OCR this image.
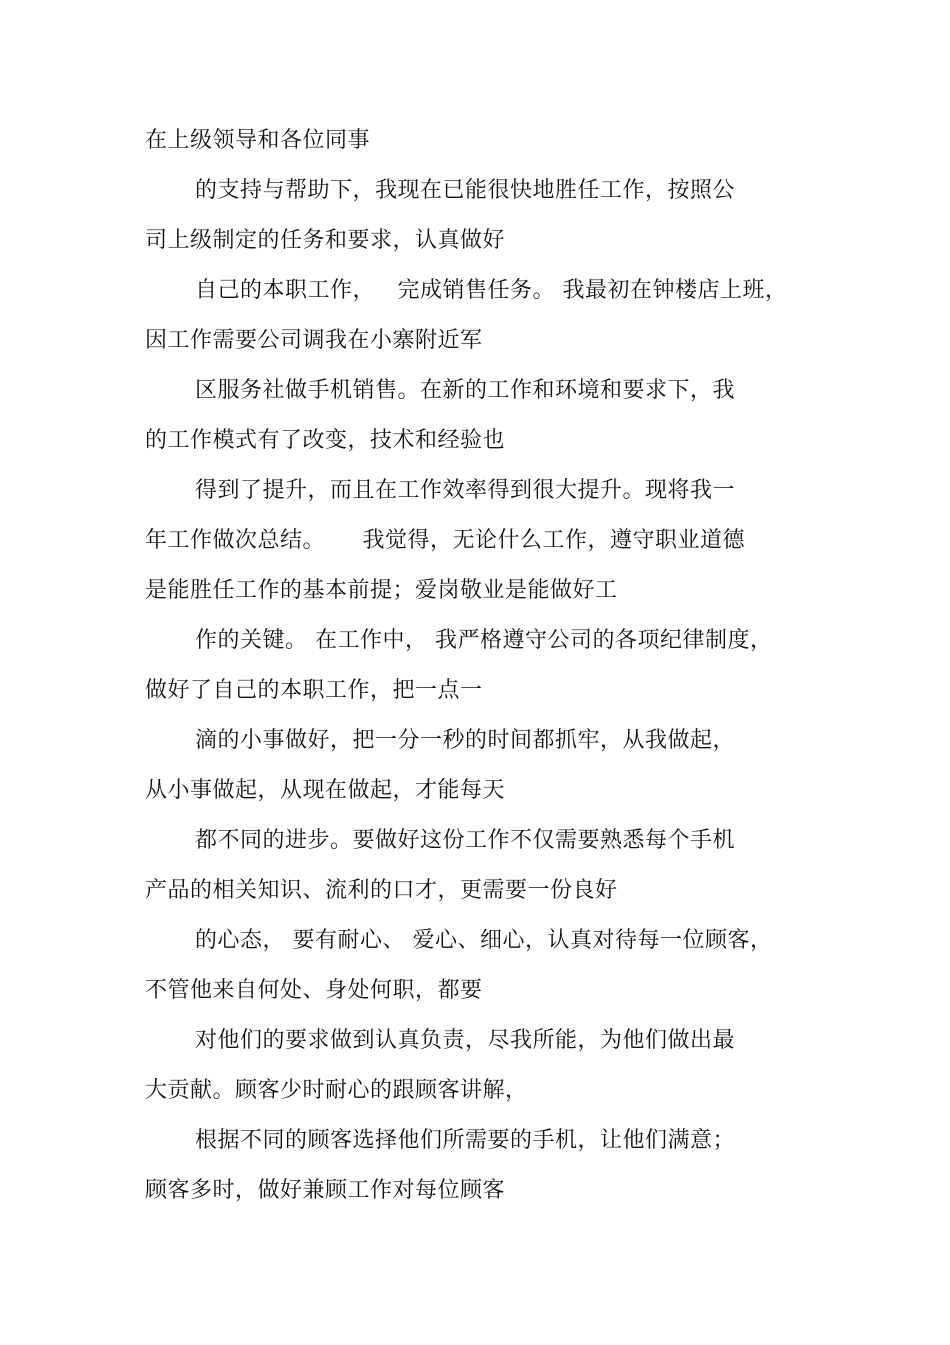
在上级领导和各位同事
的支持与帮助下，我现在已能很快地胜任工作，按照公
司上级制定的任务和要求，认真做好
自己的本职工作，   完成销售任务。 我最初在钟楼店上班，
因工作需要公司调我在小寨附近军
区服务社做手机销售。在新的工作和环境和要求下，我
的工作模式有了改变，技术和经验也
得到了提升，而且在工作效率得到很大提升。现将我一
年工作做次总结。     我觉得，无论什么工作，遵守职业道德
是能胜任工作的基本前提；爱岗敬业是能做好工
作的关键。 在工作中， 我严格遵守公司的各项纪律制度，
做好了自己的本职工作，把一点一
滴的小事做好，把一分一秒的时间都抓牢，从我做起，
从小事做起，从现在做起，才能每天
都不同的进步。要做好这份工作不仅需要熟悉每个手机
产品的相关知识、流利的口才，更需要一份良好
的心态， 要有耐心、 爱心、细心，认真对待每一位顾客，
不管他来自何处、身处何职，都要
对他们的要求做到认真负责，尽我所能，为他们做出最
大贡献。顾客少时耐心的跟顾客讲解，
根据不同的顾客选择他们所需要的手机，让他们满意；
顾客多时，做好兼顾工作对每位顾客
